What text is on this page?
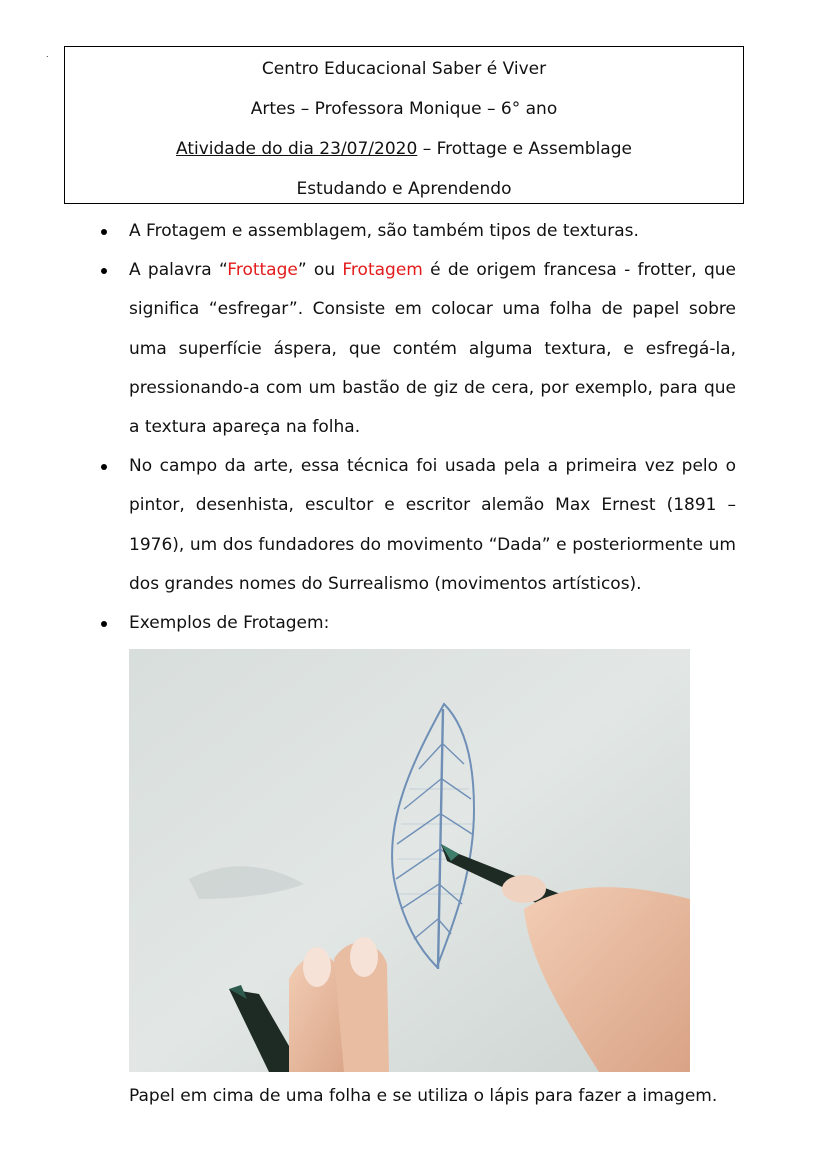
.
Centro Educacional Saber é Viver
Artes – Professora Monique – 6° ano
Atividade do dia 23/07/2020 – Frottage e Assemblage
Estudando e Aprendendo

A Frotagem e assemblagem, são também tipos de texturas.

A palavra “Frottage” ou Frotagem é de origem francesa - frotter, que significa “esfregar”. Consiste em colocar uma folha de papel sobre uma superfície áspera, que contém alguma textura, e esfregá-la, pressionando-a com um bastão de giz de cera, por exemplo, para que a textura apareça na folha.

No campo da arte, essa técnica foi usada pela a primeira vez pelo o pintor, desenhista, escultor e escritor alemão Max Ernest (1891 – 1976), um dos fundadores do movimento “Dada” e posteriormente um dos grandes nomes do Surrealismo (movimentos artísticos).

Exemplos de Frotagem:

Papel em cima de uma folha e se utiliza o lápis para fazer a imagem.
